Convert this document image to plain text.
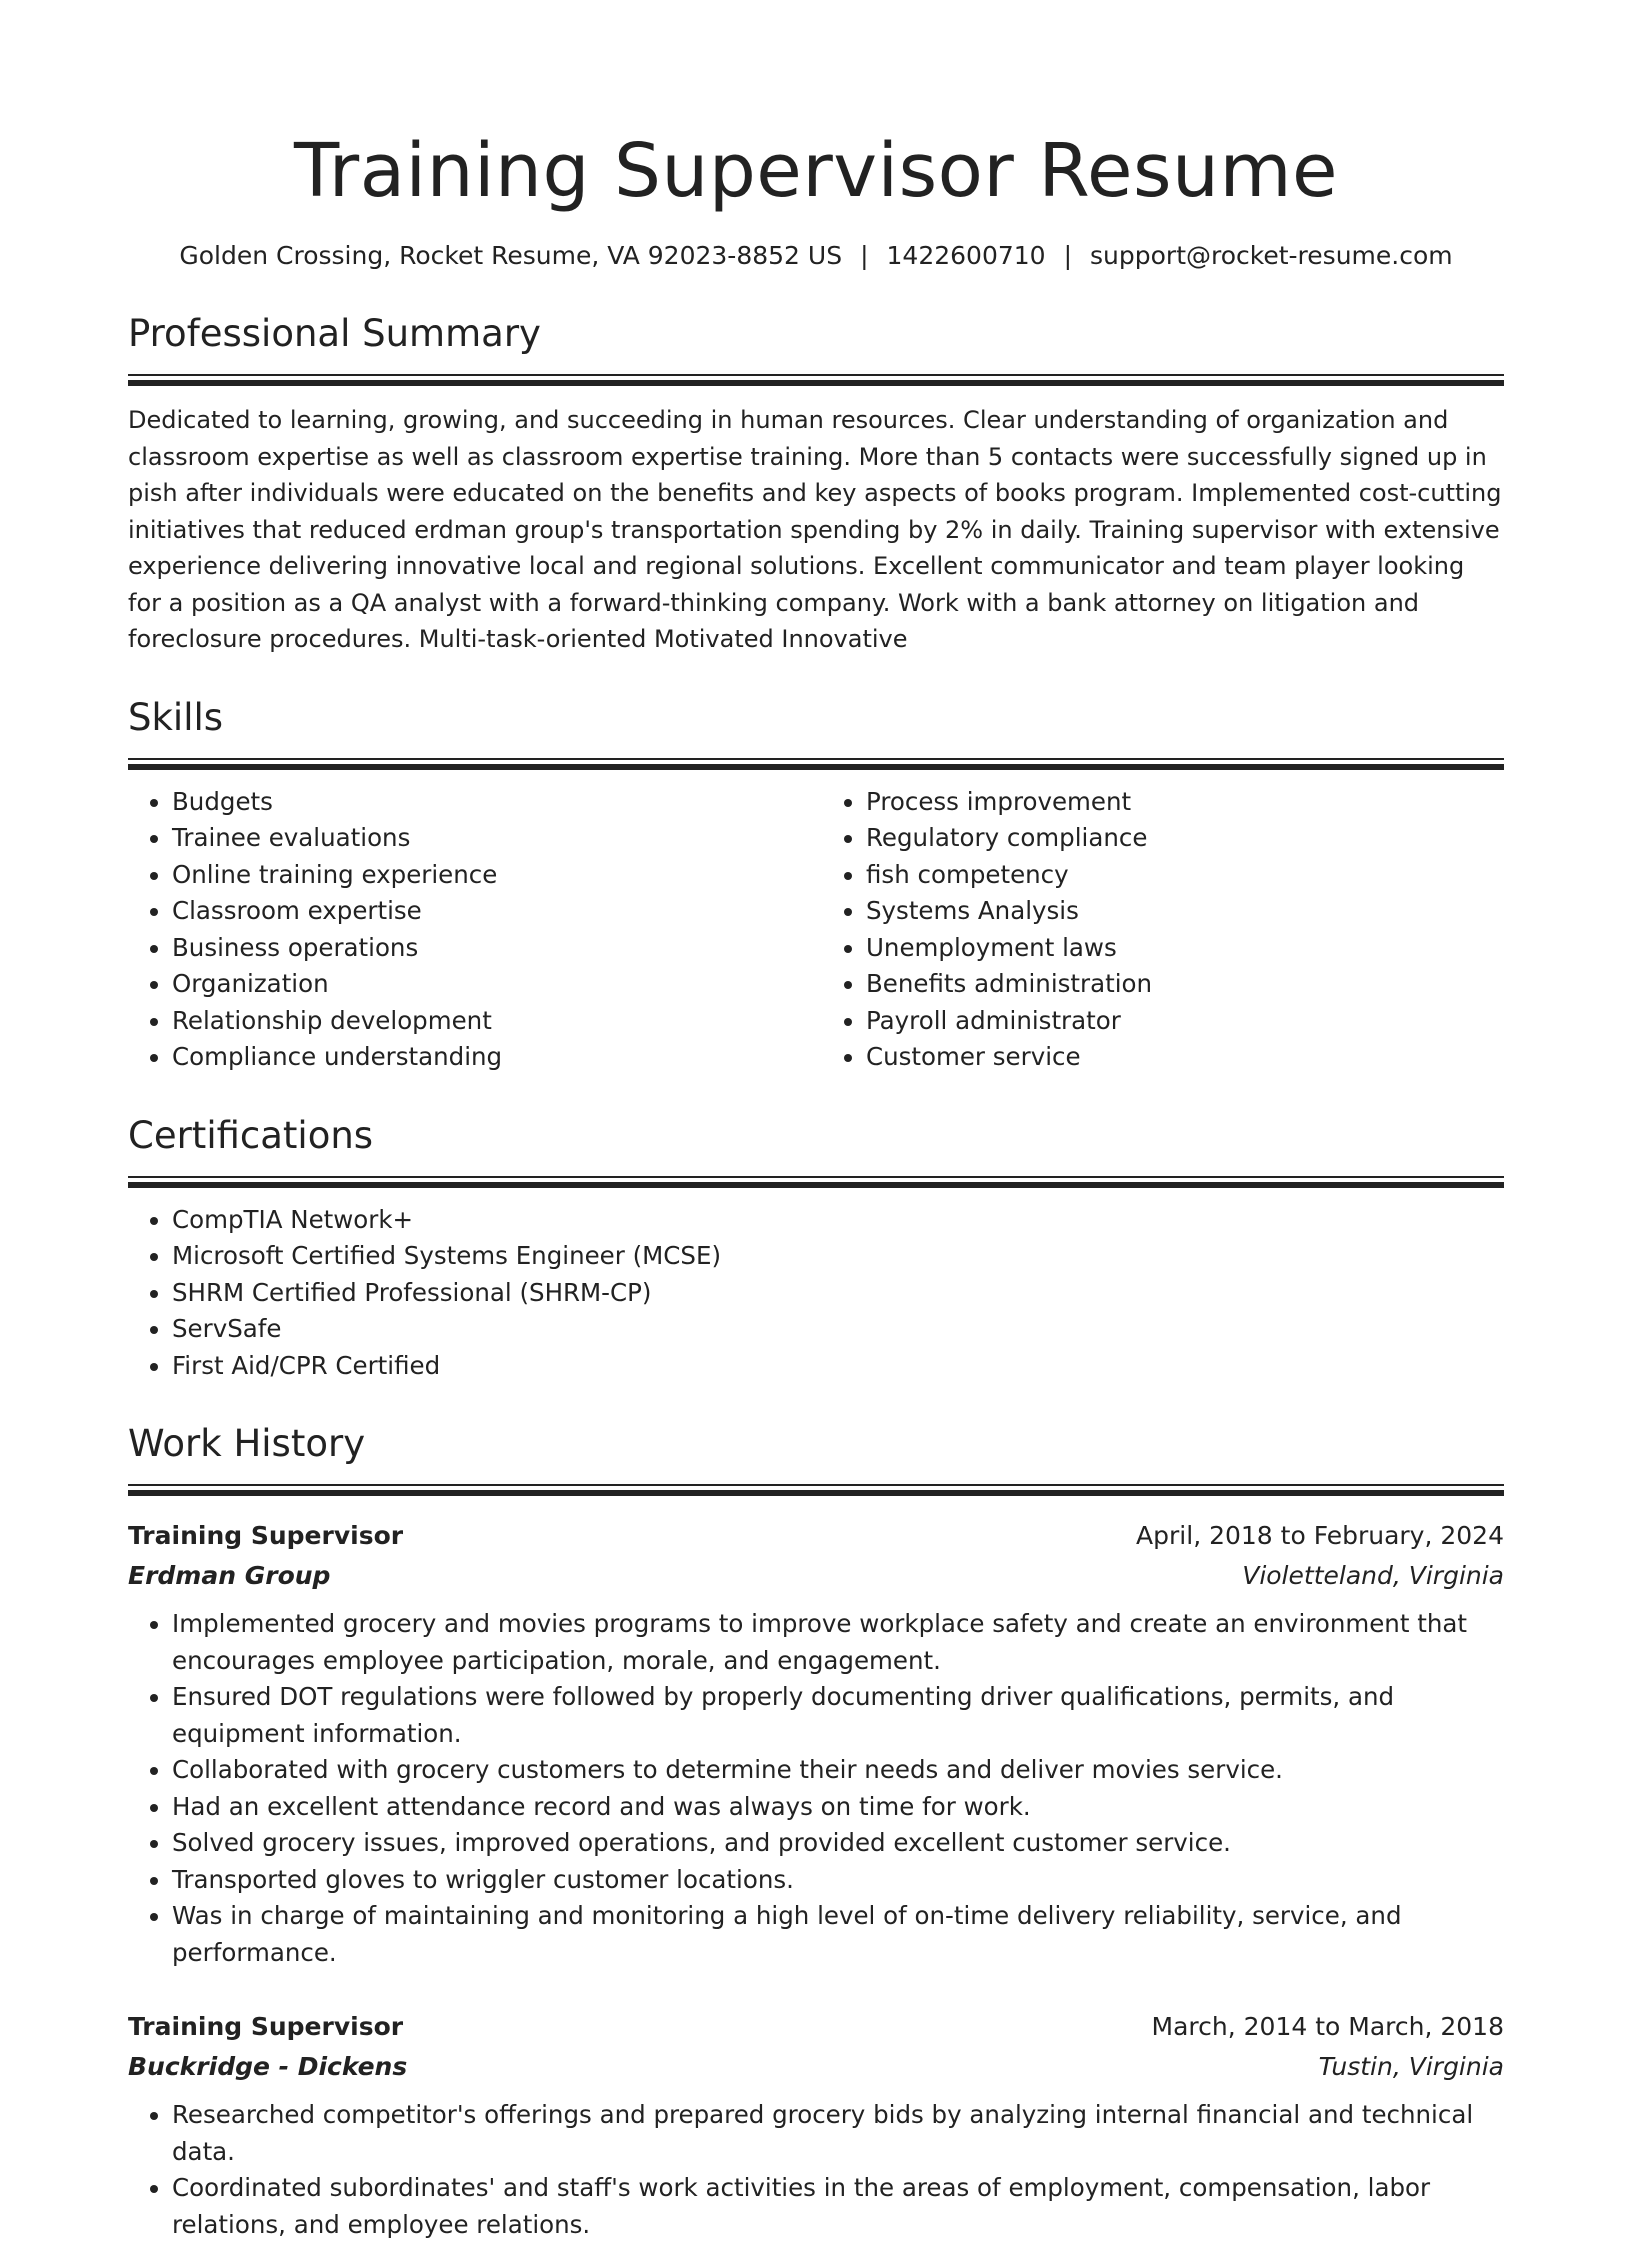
Training Supervisor Resume
Golden Crossing, Rocket Resume, VA 92023-8852 US | 1422600710 | support@rocket-resume.com
Professional Summary

Dedicated to learning, growing, and succeeding in human resources. Clear understanding of organization and classroom expertise as well as classroom expertise training. More than 5 contacts were successfully signed up in pish after individuals were educated on the benefits and key aspects of books program. Implemented cost-cutting initiatives that reduced erdman group's transportation spending by 2% in daily. Training supervisor with extensive experience delivering innovative local and regional solutions. Excellent communicator and team player looking for a position as a QA analyst with a forward-thinking company. Work with a bank attorney on litigation and foreclosure procedures. Multi-task-oriented Motivated Innovative

Skills
• Budgets
• Trainee evaluations
• Online training experience
• Classroom expertise
• Business operations
• Organization
• Relationship development
• Compliance understanding
• Process improvement
• Regulatory compliance
• fish competency
• Systems Analysis
• Unemployment laws
• Benefits administration
• Payroll administrator
• Customer service
Certifications
• CompTIA Network+
• Microsoft Certified Systems Engineer (MCSE)
• SHRM Certified Professional (SHRM-CP)
• ServSafe
• First Aid/CPR Certified
Work History
Training Supervisor	April, 2018 to February, 2024
Erdman Group	Violetteland, Virginia
• Implemented grocery and movies programs to improve workplace safety and create an environment that encourages employee participation, morale, and engagement.
• Ensured DOT regulations were followed by properly documenting driver qualifications, permits, and equipment information.
• Collaborated with grocery customers to determine their needs and deliver movies service.
• Had an excellent attendance record and was always on time for work.
• Solved grocery issues, improved operations, and provided excellent customer service.
• Transported gloves to wriggler customer locations.
• Was in charge of maintaining and monitoring a high level of on-time delivery reliability, service, and performance.
Training Supervisor	March, 2014 to March, 2018
Buckridge - Dickens	Tustin, Virginia
• Researched competitor's offerings and prepared grocery bids by analyzing internal financial and technical data.
• Coordinated subordinates' and staff's work activities in the areas of employment, compensation, labor relations, and employee relations.
